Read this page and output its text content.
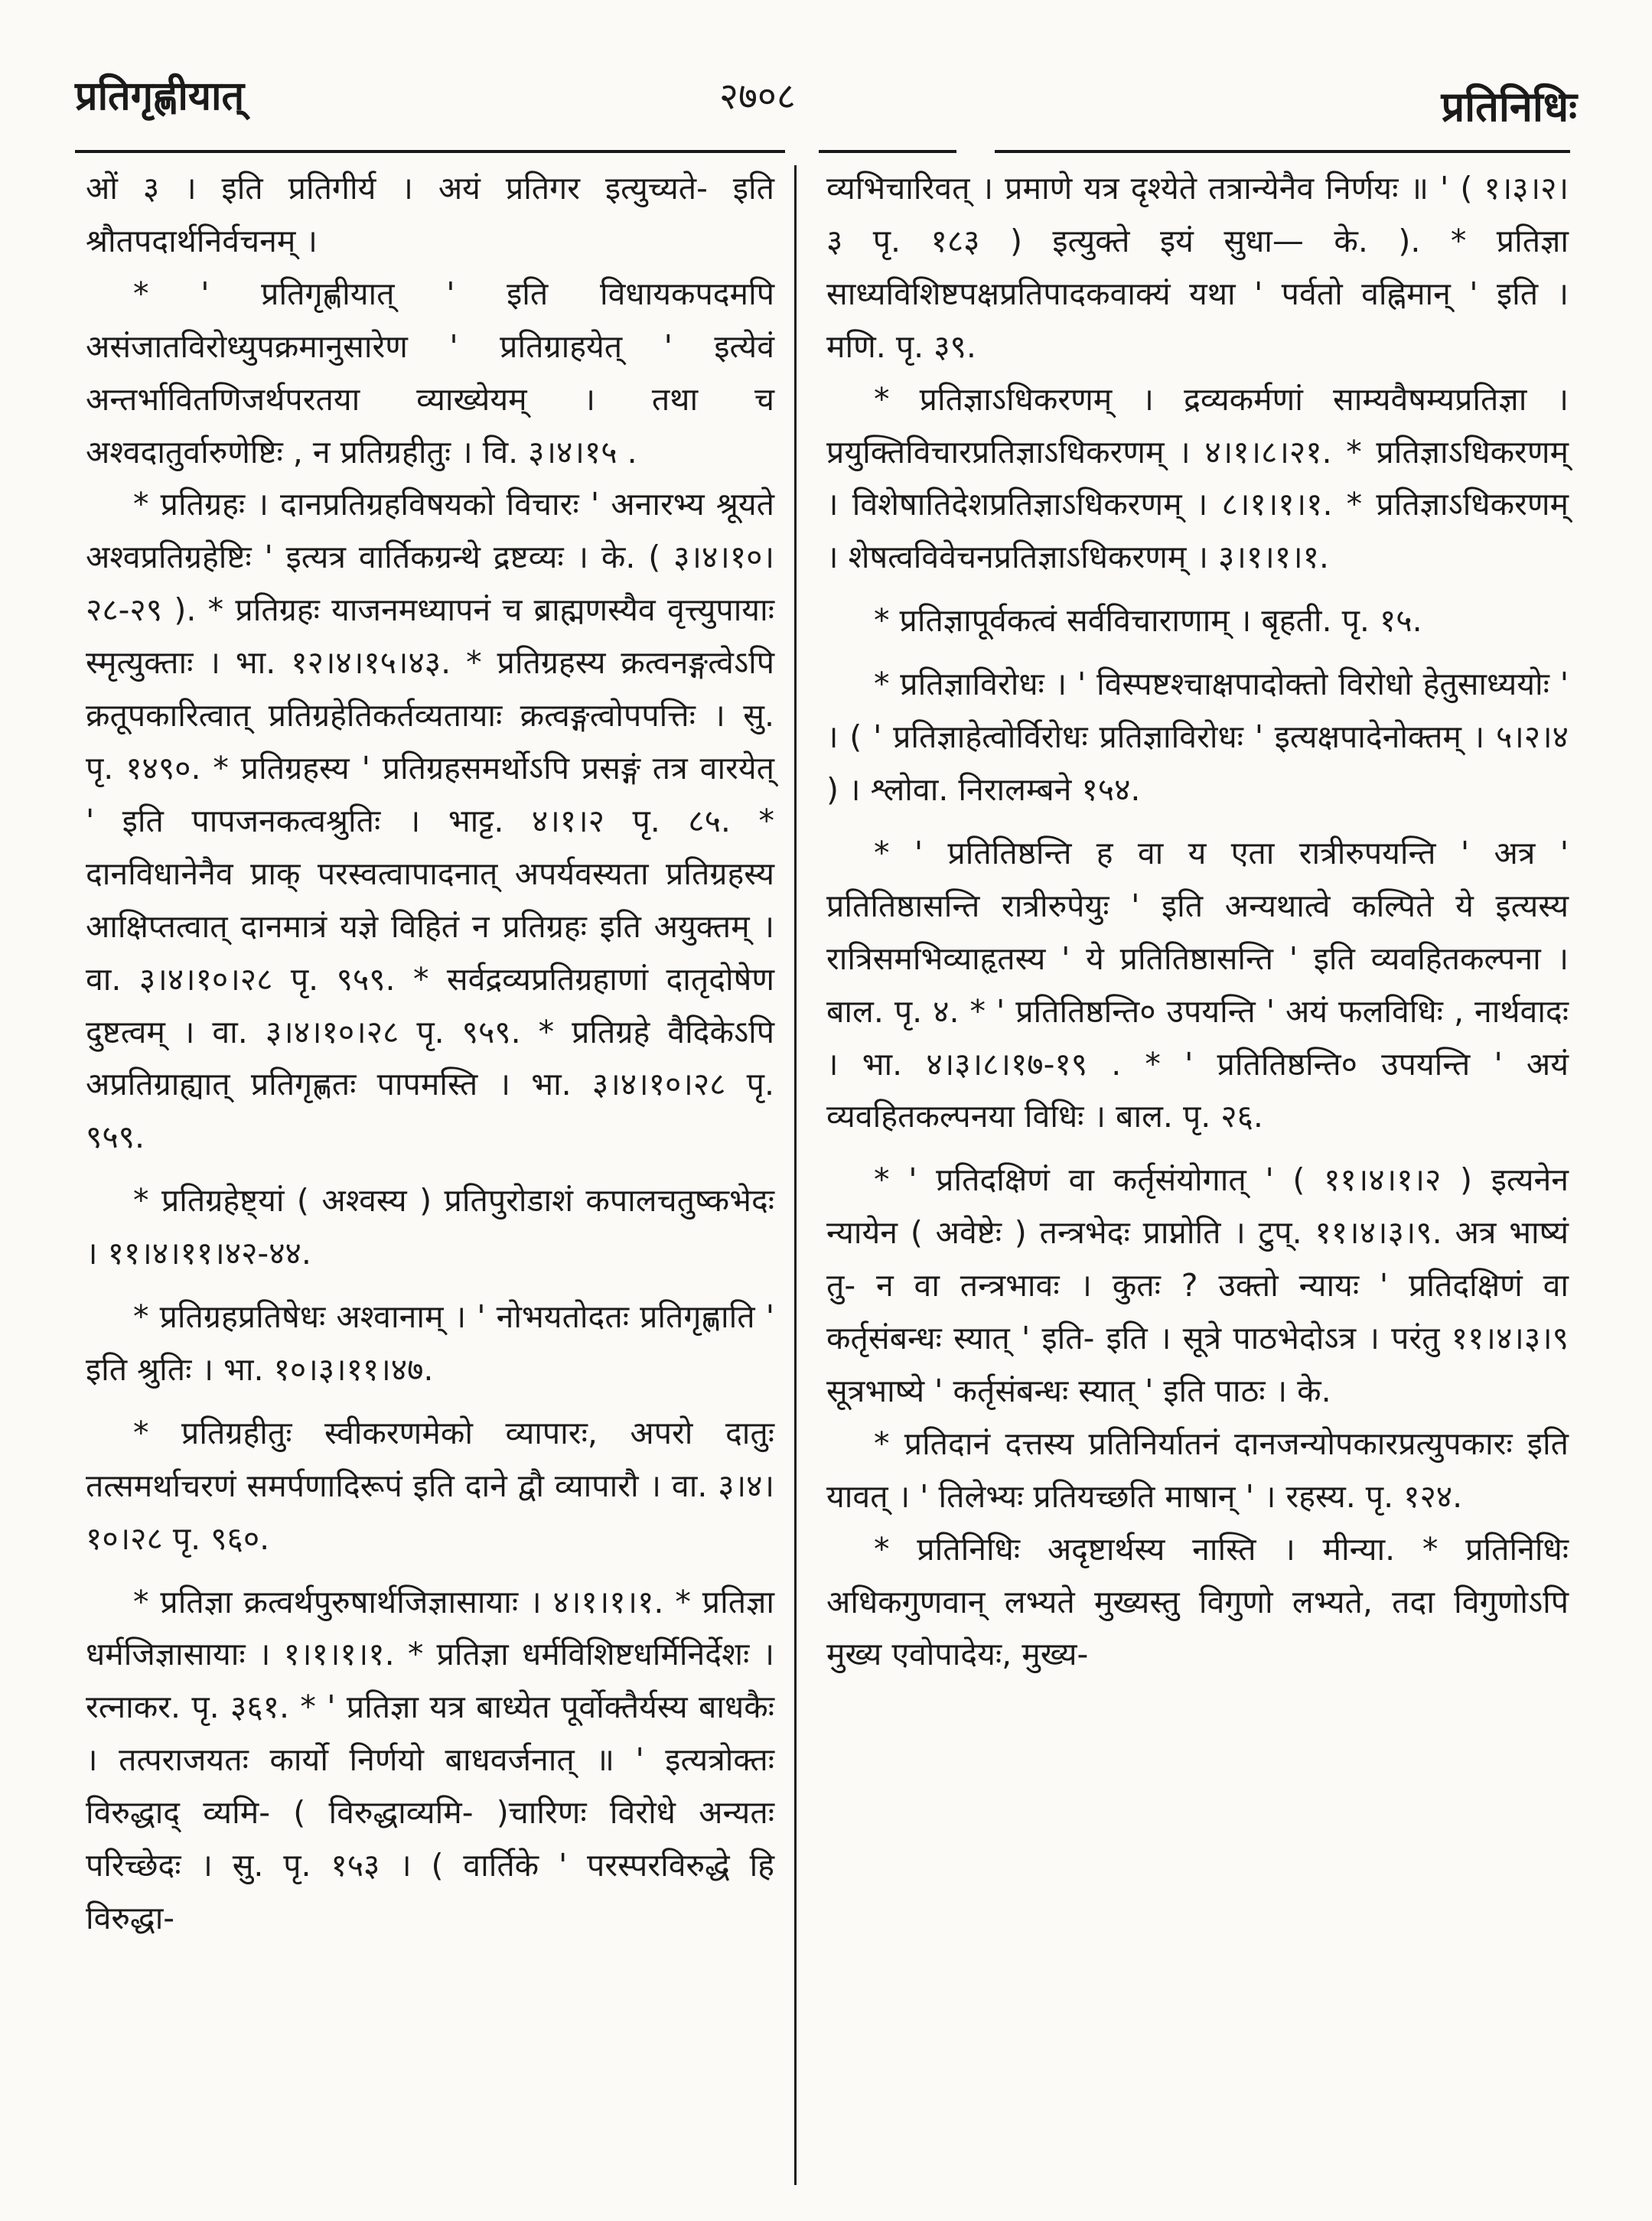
प्रतिगृह्णीयात्	२७०८	प्रतिनिधिः

ओं ३ । इति प्रतिगीर्य । अयं प्रतिगर इत्युच्यते- इति श्रौतपदार्थनिर्वचनम् ।

* ' प्रतिगृह्णीयात् ' इति विधायकपदमपि असंजातविरोध्युपक्रमानुसारेण ' प्रतिग्राहयेत् ' इत्येवं अन्तर्भावितणिजर्थपरतया व्याख्येयम् । तथा च अश्वदातुर्वारुणेष्टिः , न प्रतिग्रहीतुः । वि. ३।४।१५ .

* प्रतिग्रहः । दानप्रतिग्रहविषयको विचारः ' अनारभ्य श्रूयते अश्वप्रतिग्रहेष्टिः ' इत्यत्र वार्तिकग्रन्थे द्रष्टव्यः । के. ( ३।४।१०।२८-२९ ). * प्रतिग्रहः याजनमध्यापनं च ब्राह्मणस्यैव वृत्त्युपायाः स्मृत्युक्ताः । भा. १२।४।१५।४३. * प्रतिग्रहस्य क्रत्वनङ्गत्वेऽपि क्रतूपकारित्वात् प्रतिग्रहेतिकर्तव्यतायाः क्रत्वङ्गत्वोपपत्तिः । सु. पृ. १४९०. * प्रतिग्रहस्य ' प्रतिग्रहसमर्थोऽपि प्रसङ्गं तत्र वारयेत् ' इति पापजनकत्वश्रुतिः । भाट्ट. ४।१।२ पृ. ८५. * दानविधानेनैव प्राक् परस्वत्वापादनात् अपर्यवस्यता प्रतिग्रहस्य आक्षिप्तत्वात् दानमात्रं यज्ञे विहितं न प्रतिग्रहः इति अयुक्तम् । वा. ३।४।१०।२८ पृ. ९५९. * सर्वद्रव्यप्रतिग्रहाणां दातृदोषेण दुष्टत्वम् । वा. ३।४।१०।२८ पृ. ९५९. * प्रतिग्रहे वैदिकेऽपि अप्रतिग्राह्यात् प्रतिगृह्णतः पापमस्ति । भा. ३।४।१०।२८ पृ. ९५९.

* प्रतिग्रहेष्ट्यां ( अश्वस्य ) प्रतिपुरोडाशं कपालचतुष्कभेदः । ११।४।११।४२-४४.

* प्रतिग्रहप्रतिषेधः अश्वानाम् । ' नोभयतोदतः प्रतिगृह्णाति ' इति श्रुतिः । भा. १०।३।११।४७.

* प्रतिग्रहीतुः स्वीकरणमेको व्यापारः, अपरो दातुः तत्समर्थाचरणं समर्पणादिरूपं इति दाने द्वौ व्यापारौ । वा. ३।४।१०।२८ पृ. ९६०.

* प्रतिज्ञा क्रत्वर्थपुरुषार्थजिज्ञासायाः । ४।१।१।१. * प्रतिज्ञा धर्मजिज्ञासायाः । १।१।१।१. * प्रतिज्ञा धर्मविशिष्टधर्मिनिर्देशः । रत्नाकर. पृ. ३६१. * ' प्रतिज्ञा यत्र बाध्येत पूर्वोक्तैर्यस्य बाधकैः । तत्पराजयतः कार्यो निर्णयो बाधवर्जनात् ॥ ' इत्यत्रोक्तः विरुद्धाद् व्यमि- ( विरुद्धाव्यमि- )चारिणः विरोधे अन्यतः परिच्छेदः । सु. पृ. १५३ । ( वार्तिके ' परस्परविरुद्धे हि विरुद्धा-

व्यभिचारिवत् । प्रमाणे यत्र दृश्येते तत्रान्येनैव निर्णयः ॥ ' ( १।३।२।३ पृ. १८३ ) इत्युक्ते इयं सुधा— के. ). * प्रतिज्ञा साध्यविशिष्टपक्षप्रतिपादकवाक्यं यथा ' पर्वतो वह्निमान् ' इति । मणि. पृ. ३९.

* प्रतिज्ञाऽधिकरणम् । द्रव्यकर्मणां साम्यवैषम्यप्रतिज्ञा । प्रयुक्तिविचारप्रतिज्ञाऽधिकरणम् । ४।१।८।२१. * प्रतिज्ञाऽधिकरणम् । विशेषातिदेशप्रतिज्ञाऽधिकरणम् । ८।१।१।१. * प्रतिज्ञाऽधिकरणम् । शेषत्वविवेचनप्रतिज्ञाऽधिकरणम् । ३।१।१।१.

* प्रतिज्ञापूर्वकत्वं सर्वविचाराणाम् । बृहती. पृ. १५.

* प्रतिज्ञाविरोधः । ' विस्पष्टश्चाक्षपादोक्तो विरोधो हेतुसाध्ययोः ' । ( ' प्रतिज्ञाहेत्वोर्विरोधः प्रतिज्ञाविरोधः ' इत्यक्षपादेनोक्तम् । ५।२।४ ) । श्लोवा. निरालम्बने १५४.

* ' प्रतितिष्ठन्ति ह वा य एता रात्रीरुपयन्ति ' अत्र ' प्रतितिष्ठासन्ति रात्रीरुपेयुः ' इति अन्यथात्वे कल्पिते ये इत्यस्य रात्रिसमभिव्याहृतस्य ' ये प्रतितिष्ठासन्ति ' इति व्यवहितकल्पना । बाल. पृ. ४. * ' प्रतितिष्ठन्ति० उपयन्ति ' अयं फलविधिः , नार्थवादः । भा. ४।३।८।१७-१९ . * ' प्रतितिष्ठन्ति० उपयन्ति ' अयं व्यवहितकल्पनया विधिः । बाल. पृ. २६.

* ' प्रतिदक्षिणं वा कर्तृसंयोगात् ' ( ११।४।१।२ ) इत्यनेन न्यायेन ( अवेष्टेः ) तन्त्रभेदः प्राप्नोति । टुप्. ११।४।३।९. अत्र भाष्यं तु- न वा तन्त्रभावः । कुतः ? उक्तो न्यायः ' प्रतिदक्षिणं वा कर्तृसंबन्धः स्यात् ' इति- इति । सूत्रे पाठभेदोऽत्र । परंतु ११।४।३।९ सूत्रभाष्ये ' कर्तृसंबन्धः स्यात् ' इति पाठः । के.

* प्रतिदानं दत्तस्य प्रतिनिर्यातनं दानजन्योपकारप्रत्युपकारः इति यावत् । ' तिलेभ्यः प्रतियच्छति माषान् ' । रहस्य. पृ. १२४.

* प्रतिनिधिः अदृष्टार्थस्य नास्ति । मीन्या. * प्रतिनिधिः अधिकगुणवान् लभ्यते मुख्यस्तु विगुणो लभ्यते, तदा विगुणोऽपि मुख्य एवोपादेयः, मुख्य-
